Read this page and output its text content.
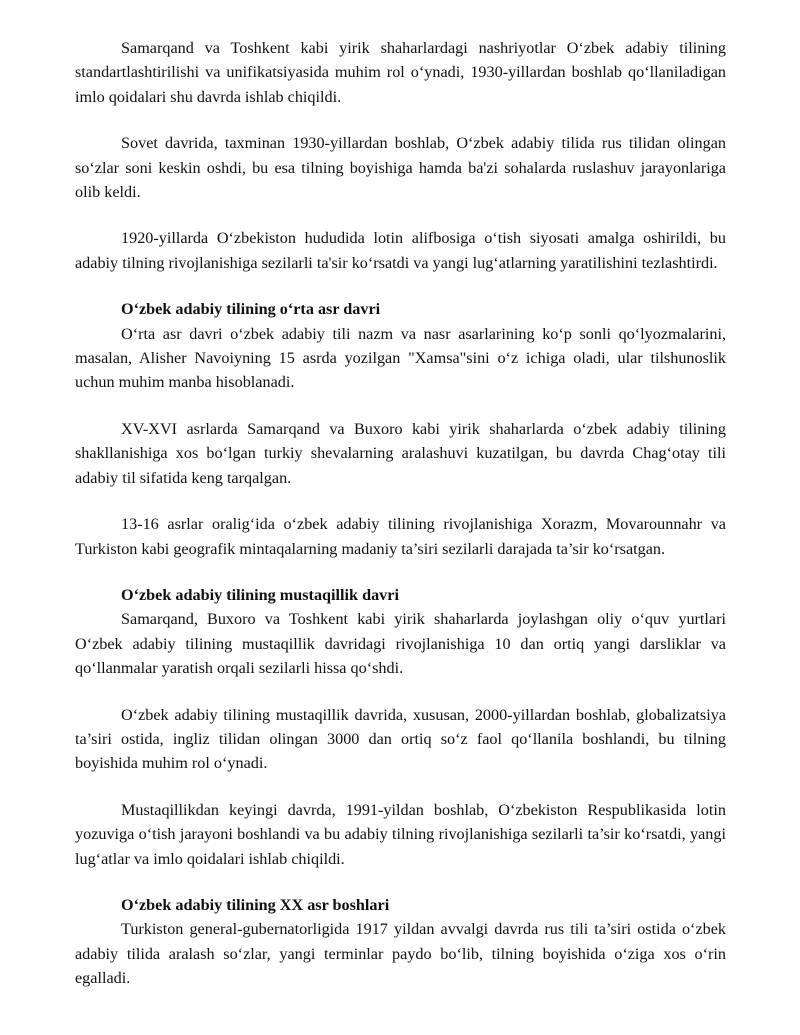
Samarqand va Toshkent kabi yirik shaharlardagi nashriyotlar O‘zbek adabiy tilining standartlashtirilishi va unifikatsiyasida muhim rol o‘ynadi, 1930-yillardan boshlab qo‘llaniladigan imlo qoidalari shu davrda ishlab chiqildi.

Sovet davrida, taxminan 1930-yillardan boshlab, O‘zbek adabiy tilida rus tilidan olingan so‘zlar soni keskin oshdi, bu esa tilning boyishiga hamda ba'zi sohalarda ruslashuv jarayonlariga olib keldi.

1920-yillarda O‘zbekiston hududida lotin alifbosiga o‘tish siyosati amalga oshirildi, bu adabiy tilning rivojlanishiga sezilarli ta'sir ko‘rsatdi va yangi lug‘atlarning yaratilishini tezlashtirdi.

O‘zbek adabiy tilining o‘rta asr davri

O‘rta asr davri o‘zbek adabiy tili nazm va nasr asarlarining ko‘p sonli qo‘lyozmalarini, masalan, Alisher Navoiyning 15 asrda yozilgan "Xamsa"sini o‘z ichiga oladi, ular tilshunoslik uchun muhim manba hisoblanadi.

XV-XVI asrlarda Samarqand va Buxoro kabi yirik shaharlarda o‘zbek adabiy tilining shakllanishiga xos bo‘lgan turkiy shevalarning aralashuvi kuzatilgan, bu davrda Chag‘otay tili adabiy til sifatida keng tarqalgan.

13-16 asrlar oralig‘ida o‘zbek adabiy tilining rivojlanishiga Xorazm, Movarounnahr va Turkiston kabi geografik mintaqalarning madaniy ta’siri sezilarli darajada ta’sir ko‘rsatgan.

O‘zbek adabiy tilining mustaqillik davri

Samarqand, Buxoro va Toshkent kabi yirik shaharlarda joylashgan oliy o‘quv yurtlari O‘zbek adabiy tilining mustaqillik davridagi rivojlanishiga 10 dan ortiq yangi darsliklar va qo‘llanmalar yaratish orqali sezilarli hissa qo‘shdi.

O‘zbek adabiy tilining mustaqillik davrida, xususan, 2000-yillardan boshlab, globalizatsiya ta’siri ostida, ingliz tilidan olingan 3000 dan ortiq so‘z faol qo‘llanila boshlandi, bu tilning boyishida muhim rol o‘ynadi.

Mustaqillikdan keyingi davrda, 1991-yildan boshlab, O‘zbekiston Respublikasida lotin yozuviga o‘tish jarayoni boshlandi va bu adabiy tilning rivojlanishiga sezilarli ta’sir ko‘rsatdi, yangi lug‘atlar va imlo qoidalari ishlab chiqildi.

O‘zbek adabiy tilining XX asr boshlari

Turkiston general-gubernatorligida 1917 yildan avvalgi davrda rus tili ta’siri ostida o‘zbek adabiy tilida aralash so‘zlar, yangi terminlar paydo bo‘lib, tilning boyishida o‘ziga xos o‘rin egalladi.
